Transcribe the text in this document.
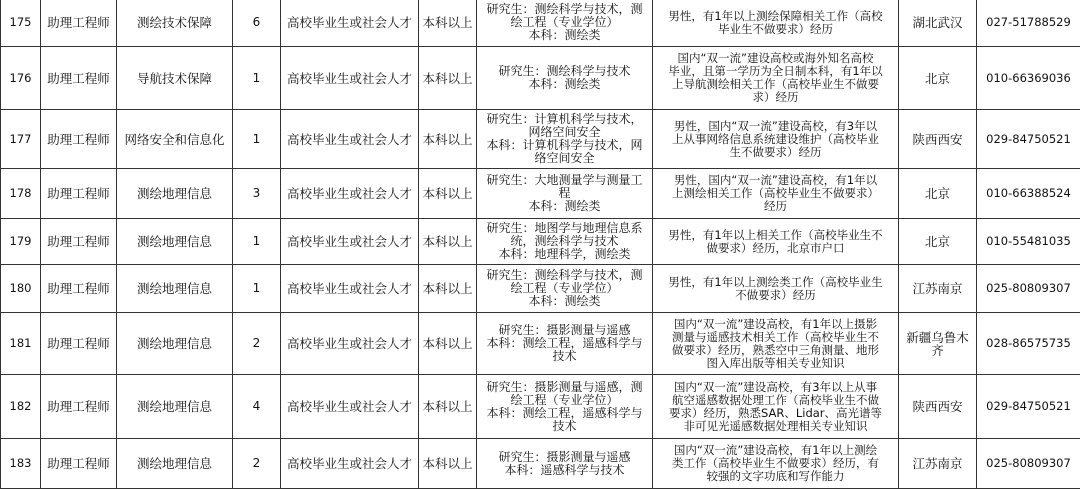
175	助理工程师	测绘技术保障	6	高校毕业生或社会人才	本科以上	研究生：测绘科学与技术，测
绘工程（专业学位）
本科：测绘类	男性，有1年以上测绘保障相关工作（高校
毕业生不做要求）经历	湖北武汉	027-51788529
176	助理工程师	导航技术保障	1	高校毕业生或社会人才	本科以上	研究生：测绘科学与技术
本科：测绘类	国内“双一流”建设高校或海外知名高校
毕业，且第一学历为全日制本科，有1年以
上导航测绘相关工作（高校毕业生不做要
求）经历	北京	010-66369036
177	助理工程师	网络安全和信息化	1	高校毕业生或社会人才	本科以上	研究生：计算机科学与技术，
网络空间安全
本科：计算机科学与技术，网
络空间安全	男性，国内“双一流”建设高校，有3年以
上从事网络信息系统建设维护（高校毕业
生不做要求）经历	陕西西安	029-84750521
178	助理工程师	测绘地理信息	3	高校毕业生或社会人才	本科以上	研究生：大地测量学与测量工
程
本科：测绘类	男性，国内“双一流”建设高校，有1年以
上测绘相关工作（高校毕业生不做要求）
经历	北京	010-66388524
179	助理工程师	测绘地理信息	1	高校毕业生或社会人才	本科以上	研究生：地图学与地理信息系
统，测绘科学与技术
本科：地理科学，测绘类	男性，有1年以上相关工作（高校毕业生不
做要求）经历，北京市户口	北京	010-55481035
180	助理工程师	测绘地理信息	1	高校毕业生或社会人才	本科以上	研究生：测绘科学与技术，测
绘工程（专业学位）
本科：测绘类	男性，有1年以上测绘类工作（高校毕业生
不做要求）经历	江苏南京	025-80809307
181	助理工程师	测绘地理信息	2	高校毕业生或社会人才	本科以上	研究生：摄影测量与遥感
本科：测绘工程，遥感科学与
技术	国内“双一流”建设高校，有1年以上摄影
测量与遥感技术相关工作（高校毕业生不
做要求）经历，熟悉空中三角测量、地形
图入库出版等相关专业知识	新疆乌鲁木齐	028-86575735
182	助理工程师	测绘地理信息	4	高校毕业生或社会人才	本科以上	研究生：摄影测量与遥感，测
绘工程（专业学位）
本科：测绘工程，遥感科学与
技术	国内“双一流”建设高校，有3年以上从事
航空遥感数据处理工作（高校毕业生不做
要求）经历，熟悉SAR、Lidar、高光谱等
非可见光遥感数据处理相关专业知识	陕西西安	029-84750521
183	助理工程师	测绘地理信息	2	高校毕业生或社会人才	本科以上	研究生：摄影测量与遥感
本科：遥感科学与技术	国内“双一流”建设高校，有1年以上测绘
类工作（高校毕业生不做要求）经历，有
较强的文字功底和写作能力	江苏南京	025-80809307
